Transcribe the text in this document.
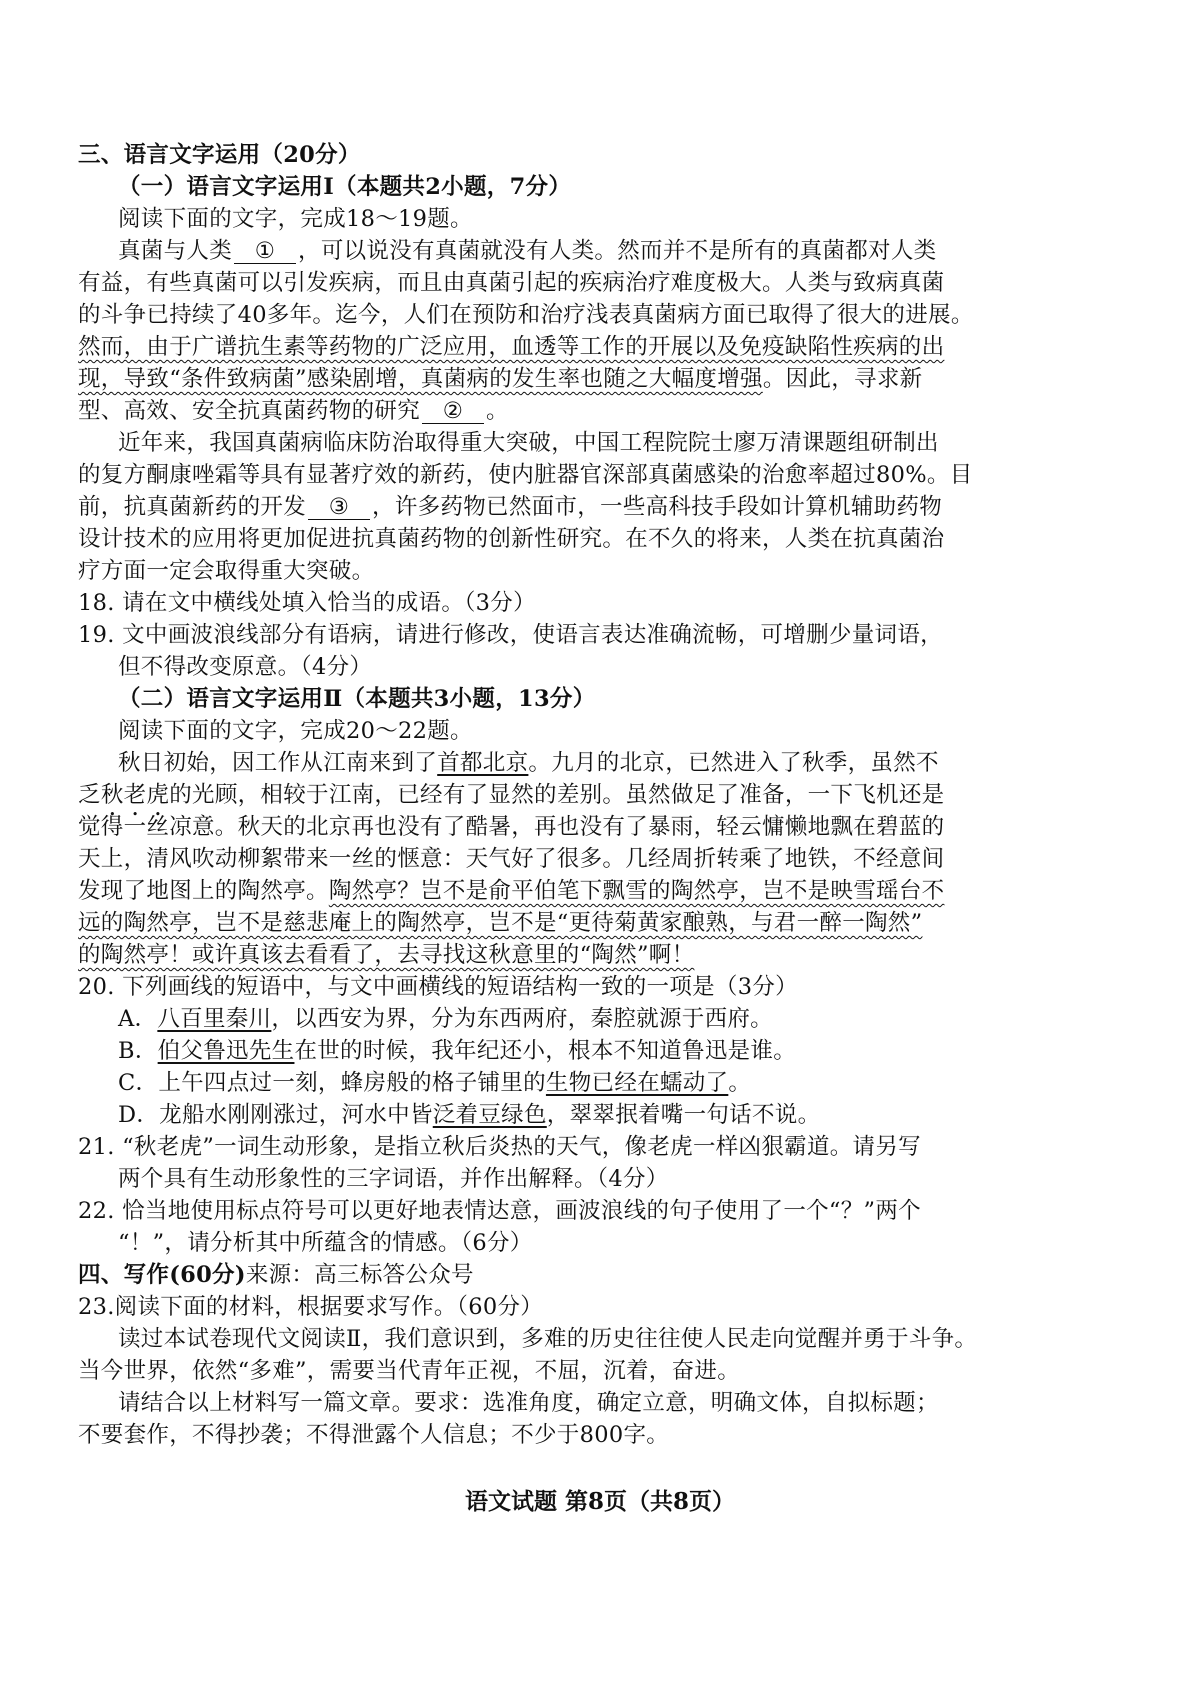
三、语言文字运用（20分）
（一）语言文字运用Ⅰ（本题共2小题，7分）
阅读下面的文字，完成18～19题。
真菌与人类 ① ，可以说没有真菌就没有人类。然而并不是所有的真菌都对人类
有益，有些真菌可以引发疾病，而且由真菌引起的疾病治疗难度极大。人类与致病真菌
的斗争已持续了40多年。迄今，人们在预防和治疗浅表真菌病方面已取得了很大的进展。
然而，由于广谱抗生素等药物的广泛应用，血透等工作的开展以及免疫缺陷性疾病的出
现，导致“条件致病菌”感染剧增，真菌病的发生率也随之大幅度增强。因此，寻求新
型、高效、安全抗真菌药物的研究 ② 。
近年来，我国真菌病临床防治取得重大突破，中国工程院院士廖万清课题组研制出
的复方酮康唑霜等具有显著疗效的新药，使内脏器官深部真菌感染的治愈率超过80%。目
前，抗真菌新药的开发 ③ ，许多药物已然面市，一些高科技手段如计算机辅助药物
设计技术的应用将更加促进抗真菌药物的创新性研究。在不久的将来，人类在抗真菌治
疗方面一定会取得重大突破。
18. 请在文中横线处填入恰当的成语。（3分）
19. 文中画波浪线部分有语病，请进行修改，使语言表达准确流畅，可增删少量词语，
但不得改变原意。（4分）
（二）语言文字运用Ⅱ（本题共3小题，13分）
阅读下面的文字，完成20～22题。
秋日初始，因工作从江南来到了首都北京。九月的北京，已然进入了秋季，虽然不
乏秋老虎的光顾，相较于江南，已经有了显然的差别。虽然做足了准备，一下飞机还是
觉得一丝凉意。秋天的北京再也没有了酷暑，再也没有了暴雨，轻云慵懒地飘在碧蓝的
天上，清风吹动柳絮带来一丝的惬意：天气好了很多。几经周折转乘了地铁，不经意间
发现了地图上的陶然亭。陶然亭？岂不是俞平伯笔下飘雪的陶然亭，岂不是映雪瑶台不
远的陶然亭，岂不是慈悲庵上的陶然亭，岂不是“更待菊黄家酿熟，与君一醉一陶然”
的陶然亭！或许真该去看看了，去寻找这秋意里的“陶然”啊！
20. 下列画线的短语中，与文中画横线的短语结构一致的一项是（3分）
A．八百里秦川，以西安为界，分为东西两府，秦腔就源于西府。
B．伯父鲁迅先生在世的时候，我年纪还小，根本不知道鲁迅是谁。
C．上午四点过一刻，蜂房般的格子铺里的生物已经在蠕动了。
D．龙船水刚刚涨过，河水中皆泛着豆绿色，翠翠抿着嘴一句话不说。
21. “秋老虎”一词生动形象，是指立秋后炎热的天气，像老虎一样凶狠霸道。请另写
两个具有生动形象性的三字词语，并作出解释。（4分）
22. 恰当地使用标点符号可以更好地表情达意，画波浪线的句子使用了一个“？”两个
“！”，请分析其中所蕴含的情感。（6分）
四、写作(60分)来源：高三标答公众号
23.阅读下面的材料，根据要求写作。（60分）
读过本试卷现代文阅读Ⅱ，我们意识到，多难的历史往往使人民走向觉醒并勇于斗争。
当今世界，依然“多难”，需要当代青年正视，不屈，沉着，奋进。
请结合以上材料写一篇文章。要求：选准角度，确定立意，明确文体，自拟标题；
不要套作，不得抄袭；不得泄露个人信息；不少于800字。
语文试题 第8页（共8页）
